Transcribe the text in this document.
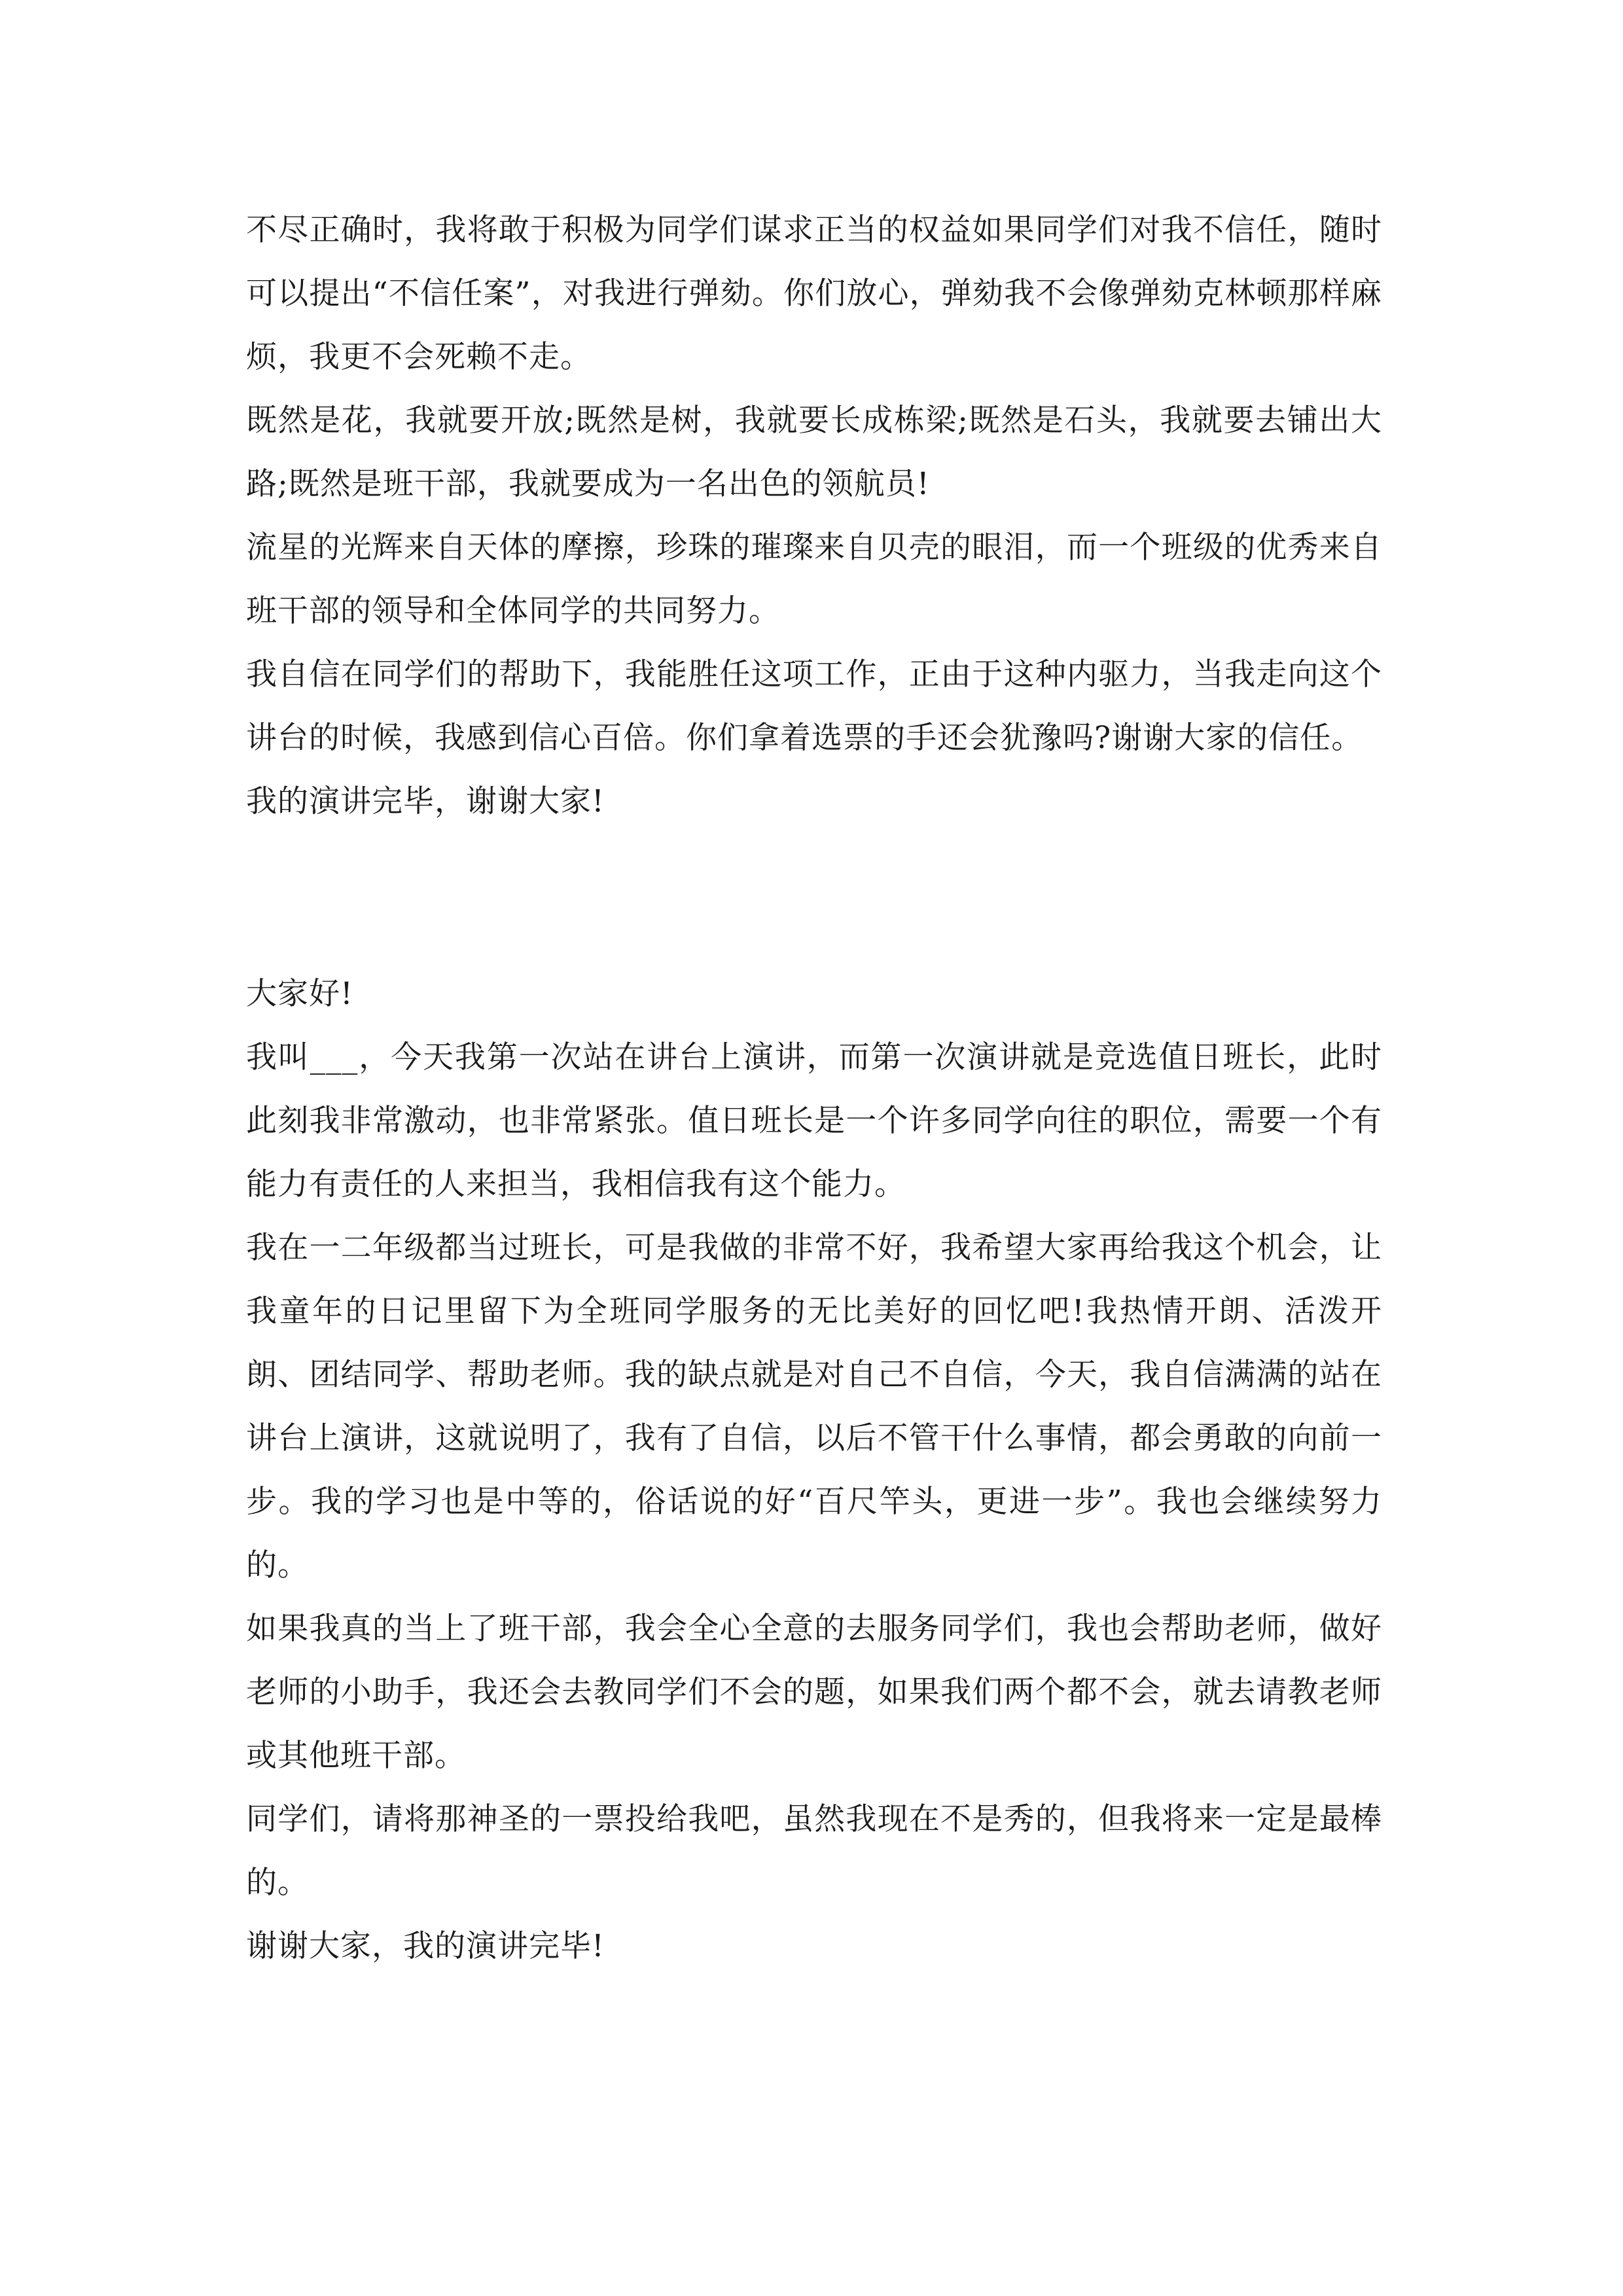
不尽正确时，我将敢于积极为同学们谋求正当的权益如果同学们对我不信任，随时可以提出“不信任案”，对我进行弹劾。你们放心，弹劾我不会像弹劾克林顿那样麻烦，我更不会死赖不走。

既然是花，我就要开放;既然是树，我就要长成栋梁;既然是石头，我就要去铺出大路;既然是班干部，我就要成为一名出色的领航员!

流星的光辉来自天体的摩擦，珍珠的璀璨来自贝壳的眼泪，而一个班级的优秀来自班干部的领导和全体同学的共同努力。

我自信在同学们的帮助下，我能胜任这项工作，正由于这种内驱力，当我走向这个讲台的时候，我感到信心百倍。你们拿着选票的手还会犹豫吗?谢谢大家的信任。

我的演讲完毕，谢谢大家!

大家好!

我叫___，今天我第一次站在讲台上演讲，而第一次演讲就是竞选值日班长，此时此刻我非常激动，也非常紧张。值日班长是一个许多同学向往的职位，需要一个有能力有责任的人来担当，我相信我有这个能力。

我在一二年级都当过班长，可是我做的非常不好，我希望大家再给我这个机会，让我童年的日记里留下为全班同学服务的无比美好的回忆吧!我热情开朗、活泼开朗、团结同学、帮助老师。我的缺点就是对自己不自信，今天，我自信满满的站在讲台上演讲，这就说明了，我有了自信，以后不管干什么事情，都会勇敢的向前一步。我的学习也是中等的，俗话说的好“百尺竿头，更进一步”。我也会继续努力的。

如果我真的当上了班干部，我会全心全意的去服务同学们，我也会帮助老师，做好老师的小助手，我还会去教同学们不会的题，如果我们两个都不会，就去请教老师或其他班干部。

同学们，请将那神圣的一票投给我吧，虽然我现在不是秀的，但我将来一定是最棒的。

谢谢大家，我的演讲完毕!
